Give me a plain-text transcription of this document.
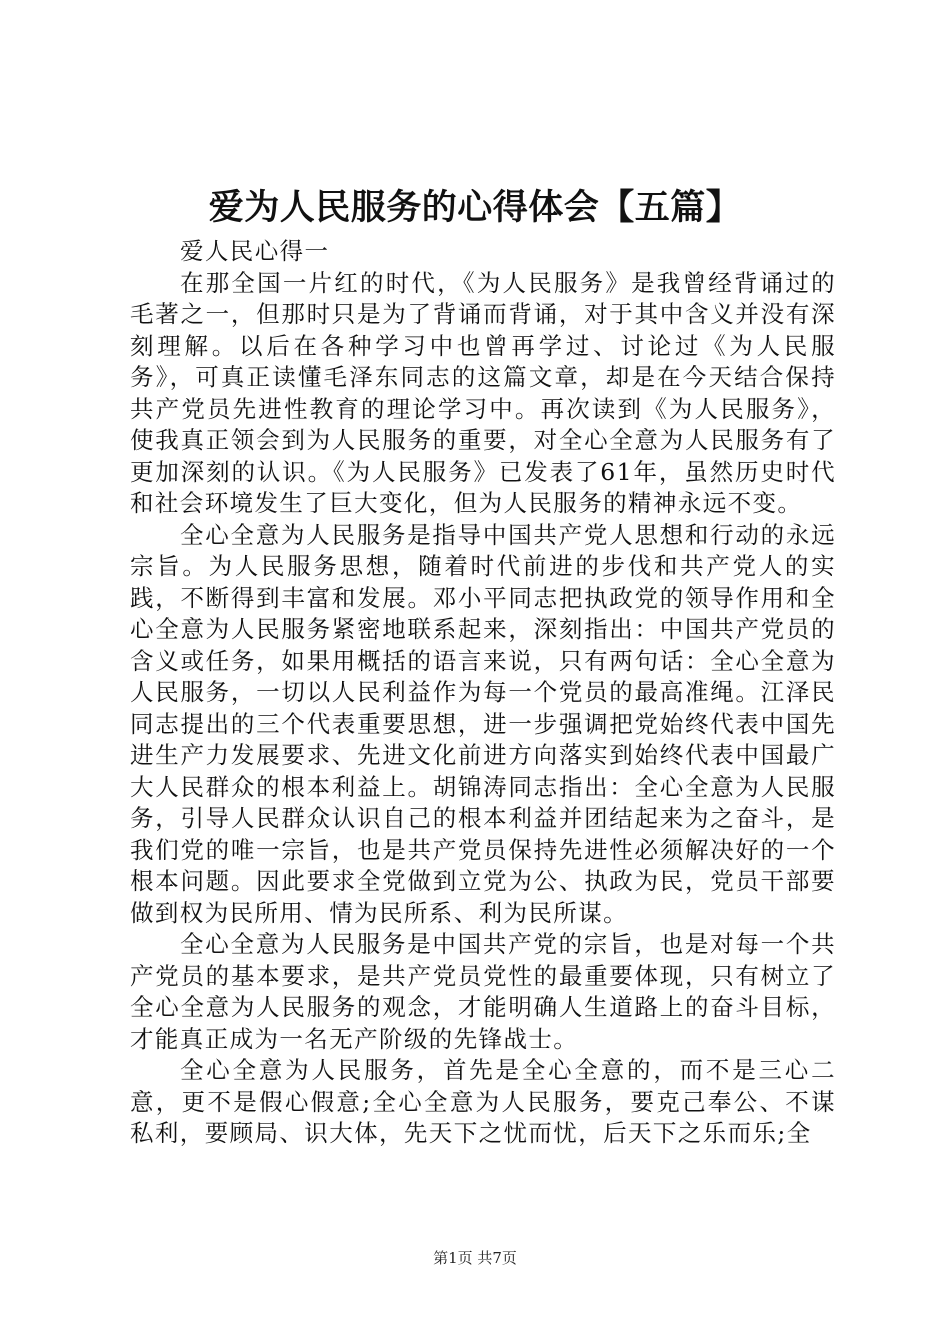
爱为人民服务的心得体会【五篇】

爱人民心得一

在那全国一片红的时代，《为人民服务》是我曾经背诵过的毛著之一，但那时只是为了背诵而背诵，对于其中含义并没有深刻理解。以后在各种学习中也曾再学过、讨论过《为人民服务》，可真正读懂毛泽东同志的这篇文章，却是在今天结合保持共产党员先进性教育的理论学习中。再次读到《为人民服务》，使我真正领会到为人民服务的重要，对全心全意为人民服务有了更加深刻的认识。《为人民服务》已发表了61年，虽然历史时代和社会环境发生了巨大变化，但为人民服务的精神永远不变。

全心全意为人民服务是指导中国共产党人思想和行动的永远宗旨。为人民服务思想，随着时代前进的步伐和共产党人的实践，不断得到丰富和发展。邓小平同志把执政党的领导作用和全心全意为人民服务紧密地联系起来，深刻指出：中国共产党员的含义或任务，如果用概括的语言来说，只有两句话：全心全意为人民服务，一切以人民利益作为每一个党员的最高准绳。江泽民同志提出的三个代表重要思想，进一步强调把党始终代表中国先进生产力发展要求、先进文化前进方向落实到始终代表中国最广大人民群众的根本利益上。胡锦涛同志指出：全心全意为人民服务，引导人民群众认识自己的根本利益并团结起来为之奋斗，是我们党的唯一宗旨，也是共产党员保持先进性必须解决好的一个根本问题。因此要求全党做到立党为公、执政为民，党员干部要做到权为民所用、情为民所系、利为民所谋。

全心全意为人民服务是中国共产党的宗旨，也是对每一个共产党员的基本要求，是共产党员党性的最重要体现，只有树立了全心全意为人民服务的观念，才能明确人生道路上的奋斗目标，才能真正成为一名无产阶级的先锋战士。

全心全意为人民服务，首先是全心全意的，而不是三心二意，更不是假心假意;全心全意为人民服务，要克己奉公、不谋私利，要顾局、识大体，先天下之忧而忧，后天下之乐而乐;全

第1页 共7页
